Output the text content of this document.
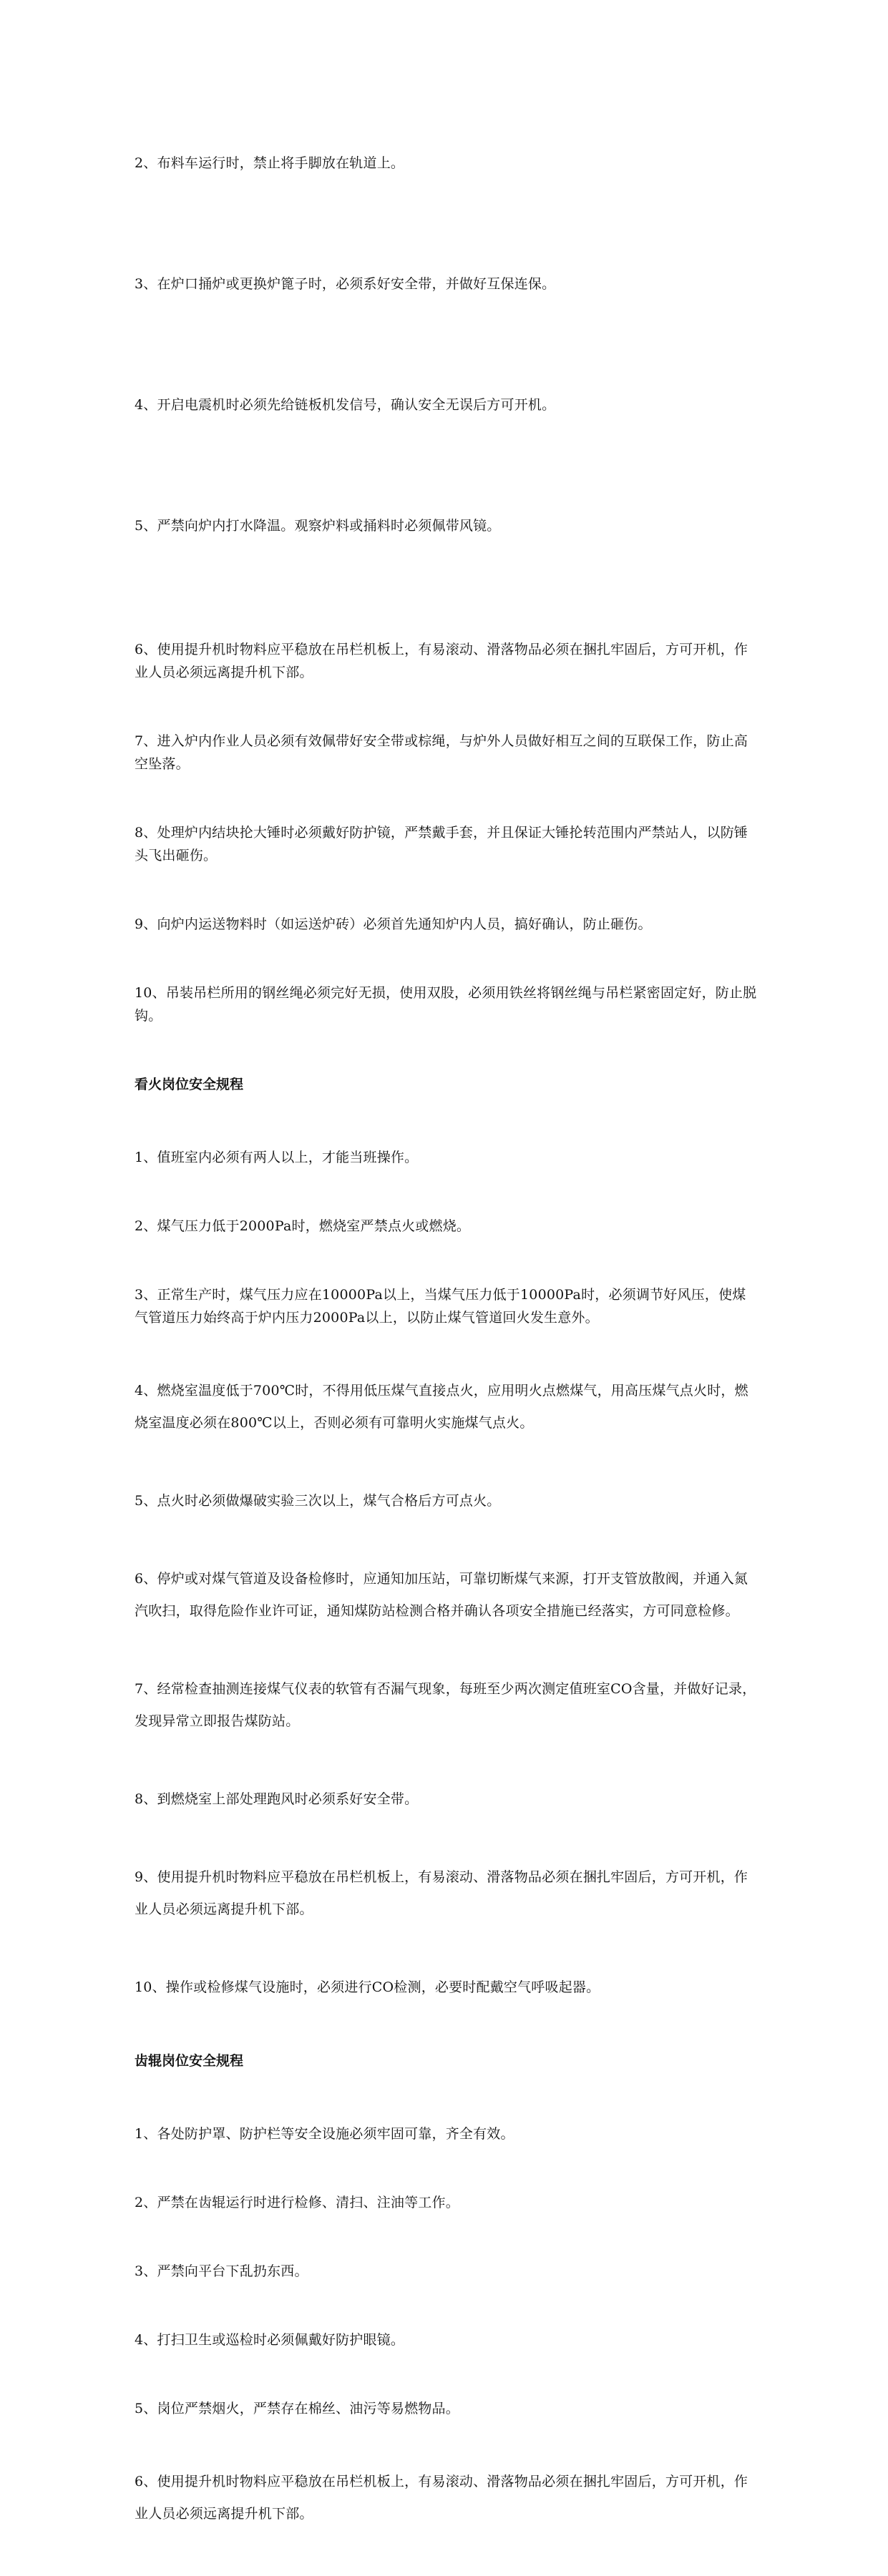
2、布料车运行时，禁止将手脚放在轨道上。

3、在炉口捅炉或更换炉篦子时，必须系好安全带，并做好互保连保。

4、开启电震机时必须先给链板机发信号，确认安全无误后方可开机。

5、严禁向炉内打水降温。观察炉料或捅料时必须佩带风镜。

6、使用提升机时物料应平稳放在吊栏机板上，有易滚动、滑落物品必须在捆扎牢固后，方可开机，作业人员必须远离提升机下部。

7、进入炉内作业人员必须有效佩带好安全带或棕绳，与炉外人员做好相互之间的互联保工作，防止高空坠落。

8、处理炉内结块抡大锤时必须戴好防护镜，严禁戴手套，并且保证大锤抡转范围内严禁站人，以防锤头飞出砸伤。

9、向炉内运送物料时（如运送炉砖）必须首先通知炉内人员，搞好确认，防止砸伤。

10、吊装吊栏所用的钢丝绳必须完好无损，使用双股，必须用铁丝将钢丝绳与吊栏紧密固定好，防止脱钩。

看火岗位安全规程

1、值班室内必须有两人以上，才能当班操作。

2、煤气压力低于2000Pa时，燃烧室严禁点火或燃烧。

3、正常生产时，煤气压力应在10000Pa以上，当煤气压力低于10000Pa时，必须调节好风压，使煤气管道压力始终高于炉内压力2000Pa以上，以防止煤气管道回火发生意外。

4、燃烧室温度低于700℃时，不得用低压煤气直接点火，应用明火点燃煤气，用高压煤气点火时，燃烧室温度必须在800℃以上，否则必须有可靠明火实施煤气点火。

5、点火时必须做爆破实验三次以上，煤气合格后方可点火。

6、停炉或对煤气管道及设备检修时，应通知加压站，可靠切断煤气来源，打开支管放散阀，并通入氮汽吹扫，取得危险作业许可证，通知煤防站检测合格并确认各项安全措施已经落实，方可同意检修。

7、经常检查抽测连接煤气仪表的软管有否漏气现象，每班至少两次测定值班室CO含量，并做好记录，发现异常立即报告煤防站。

8、到燃烧室上部处理跑风时必须系好安全带。

9、使用提升机时物料应平稳放在吊栏机板上，有易滚动、滑落物品必须在捆扎牢固后，方可开机，作业人员必须远离提升机下部。

10、操作或检修煤气设施时，必须进行CO检测，必要时配戴空气呼吸起器。

齿辊岗位安全规程

1、各处防护罩、防护栏等安全设施必须牢固可靠，齐全有效。

2、严禁在齿辊运行时进行检修、清扫、注油等工作。

3、严禁向平台下乱扔东西。

4、打扫卫生或巡检时必须佩戴好防护眼镜。

5、岗位严禁烟火，严禁存在棉丝、油污等易燃物品。

6、使用提升机时物料应平稳放在吊栏机板上，有易滚动、滑落物品必须在捆扎牢固后，方可开机，作业人员必须远离提升机下部。
